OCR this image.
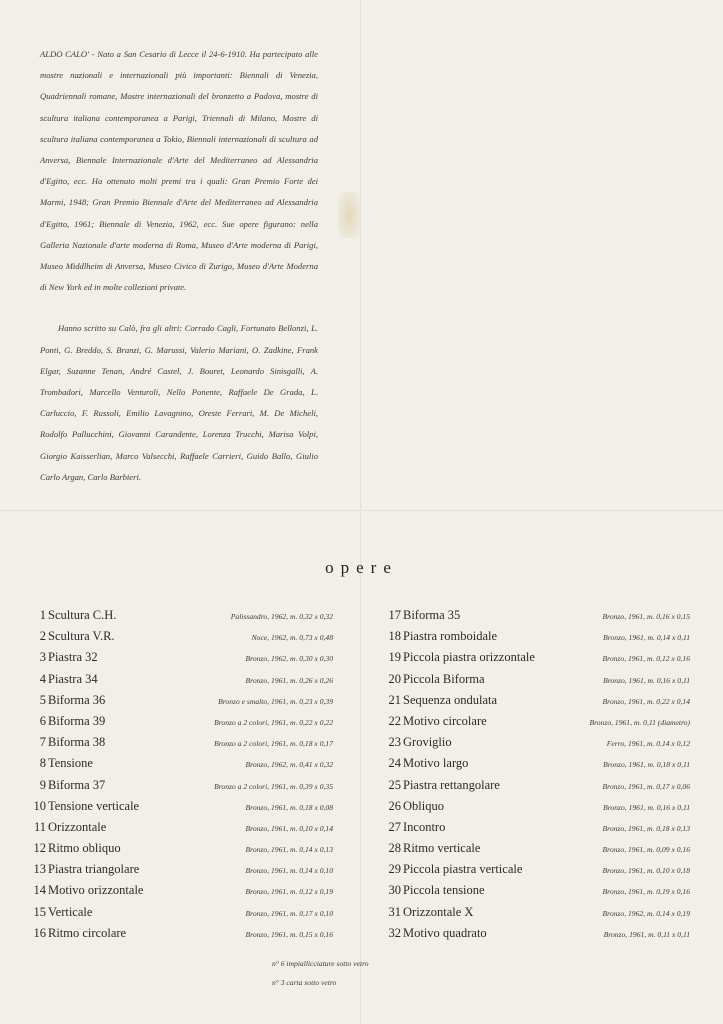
ALDO CALO' - Nato a San Cesario di Lecce il 24-6-1910. Ha partecipato alle mostre nazionali e internazionali più importanti: Biennali di Venezia, Quadriennali romane, Mostre internazionali del bronzetto a Padova, mostre di scultura italiana contemporanea a Parigi, Triennali di Milano, Mostre di scultura italiana contemporanea a Tokio, Biennali internazionali di scultura ad Anversa, Biennale Internazionale d'Arte del Mediterraneo ad Alessandria d'Egitto, ecc. Ha ottenuto molti premi tra i quali: Gran Premio Forte dei Marmi, 1948; Gran Premio Biennale d'Arte del Mediterraneo ad Alessandria d'Egitto, 1961; Biennale di Venezia, 1962, ecc. Sue opere figurano: nella Galleria Nazionale d'arte moderna di Roma, Museo d'Arte moderna di Parigi, Museo Middlheim di Anversa, Museo Civico di Zurigo, Museo d'Arte Moderna di New York ed in molte collezioni private.

Hanno scritto su Calò, fra gli altri: Corrado Cagli, Fortunato Bellonzi, L. Ponti, G. Breddo, S. Branzi, G. Marussi, Valerio Mariani, O. Zadkine, Frank Elgar, Suzanne Tenan, André Castel, J. Bouret, Leonardo Sinisgalli, A. Trombadori, Marcello Venturoli, Nello Ponente, Raffaele De Grada, L. Carluccio, F. Russoli, Emilio Lavagnino, Oreste Ferrari, M. De Micheli, Rodolfo Pallucchini, Giovanni Carandente, Lorenza Trucchi, Marisa Volpi, Giorgio Kaisserlian, Marco Valsecchi, Raffaele Carrieri, Guido Ballo, Giulio Carlo Argan, Carlo Barbieri.

opere
1 Scultura C.H.	Palissandro, 1962, m. 0,32 x 0,32
2 Scultura V.R.	Noce, 1962, m. 0,73 x 0,48
3 Piastra 32	Bronzo, 1962, m. 0,30 x 0,30
4 Piastra 34	Bronzo, 1961, m. 0,26 x 0,26
5 Biforma 36	Bronzo e smalto, 1961, m. 0,23 x 0,39
6 Biforma 39	Bronzo a 2 colori, 1961, m. 0,22 x 0,22
7 Biforma 38	Bronzo a 2 colori, 1961, m. 0,18 x 0,17
8 Tensione	Bronzo, 1962, m. 0,41 x 0,32
9 Biforma 37	Bronzo a 2 colori, 1961, m. 0,39 x 0,35
10 Tensione verticale	Bronzo, 1961, m. 0,18 x 0,08
11 Orizzontale	Bronzo, 1961, m. 0,10 x 0,14
12 Ritmo obliquo	Bronzo, 1961, m. 0,14 x 0,13
13 Piastra triangolare	Bronzo, 1961, m. 0,14 x 0,10
14 Motivo orizzontale	Bronzo, 1961, m. 0,12 x 0,19
15 Verticale	Bronzo, 1961, m. 0,17 x 0,10
16 Ritmo circolare	Bronzo, 1961, m. 0,15 x 0,16
17 Biforma 35	Bronzo, 1961, m. 0,16 x 0,15
18 Piastra romboidale	Bronzo, 1961, m. 0,14 x 0,11
19 Piccola piastra orizzontale	Bronzo, 1961, m. 0,12 x 0,16
20 Piccola Biforma	Bronzo, 1961, m. 0,16 x 0,11
21 Sequenza ondulata	Bronzo, 1961, m. 0,22 x 0,14
22 Motivo circolare	Bronzo, 1961, m. 0,11 (diametro)
23 Groviglio	Ferro, 1961, m. 0,14 x 0,12
24 Motivo largo	Bronzo, 1961, m. 0,18 x 0,11
25 Piastra rettangolare	Bronzo, 1961, m. 0,17 x 0,06
26 Obliquo	Bronzo, 1961, m. 0,16 x 0,11
27 Incontro	Bronzo, 1961, m. 0,18 x 0,13
28 Ritmo verticale	Bronzo, 1961, m. 0,09 x 0,16
29 Piccola piastra verticale	Bronzo, 1961, m. 0,10 x 0,18
30 Piccola tensione	Bronzo, 1961, m. 0,19 x 0,16
31 Orizzontale X	Bronzo, 1962, m. 0,14 x 0,19
32 Motivo quadrato	Bronzo, 1961, m. 0,11 x 0,11
n° 6 impiallicciature sotto vetro
n° 3 carta sotto vetro
